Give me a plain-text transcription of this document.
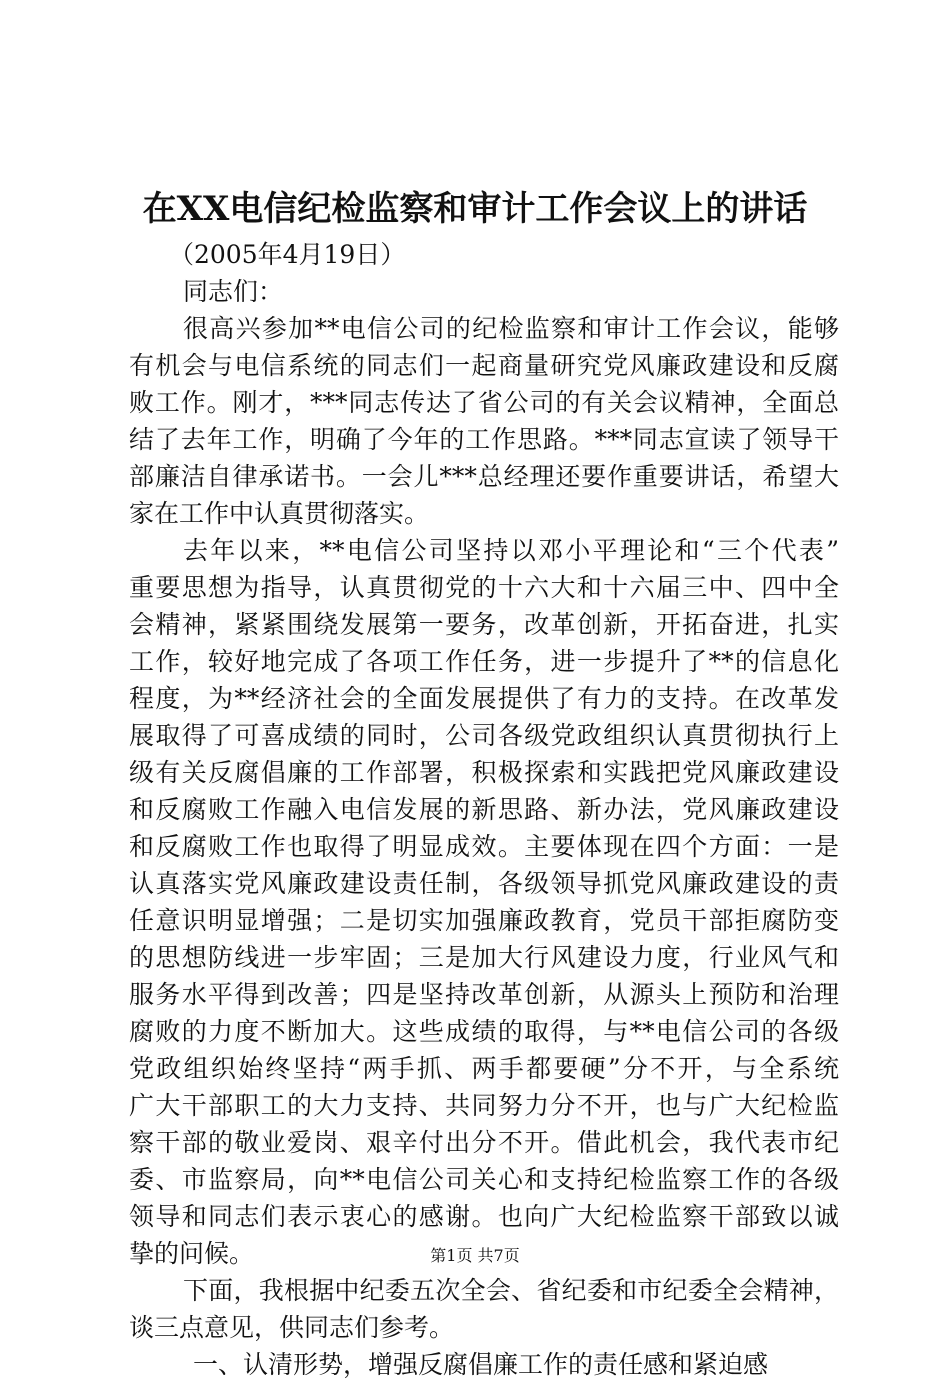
在XX电信纪检监察和审计工作会议上的讲话
（2005年4月19日）
同志们：
很高兴参加**电信公司的纪检监察和审计工作会议，能够
有机会与电信系统的同志们一起商量研究党风廉政建设和反腐
败工作。刚才，***同志传达了省公司的有关会议精神，全面总
结了去年工作，明确了今年的工作思路。***同志宣读了领导干
部廉洁自律承诺书。一会儿***总经理还要作重要讲话，希望大
家在工作中认真贯彻落实。
去年以来，**电信公司坚持以邓小平理论和“三个代表”
重要思想为指导，认真贯彻党的十六大和十六届三中、四中全
会精神，紧紧围绕发展第一要务，改革创新，开拓奋进，扎实
工作，较好地完成了各项工作任务，进一步提升了**的信息化
程度，为**经济社会的全面发展提供了有力的支持。在改革发
展取得了可喜成绩的同时，公司各级党政组织认真贯彻执行上
级有关反腐倡廉的工作部署，积极探索和实践把党风廉政建设
和反腐败工作融入电信发展的新思路、新办法，党风廉政建设
和反腐败工作也取得了明显成效。主要体现在四个方面：一是
认真落实党风廉政建设责任制，各级领导抓党风廉政建设的责
任意识明显增强；二是切实加强廉政教育，党员干部拒腐防变
的思想防线进一步牢固；三是加大行风建设力度，行业风气和
服务水平得到改善；四是坚持改革创新，从源头上预防和治理
腐败的力度不断加大。这些成绩的取得，与**电信公司的各级
党政组织始终坚持“两手抓、两手都要硬”分不开，与全系统
广大干部职工的大力支持、共同努力分不开，也与广大纪检监
察干部的敬业爱岗、艰辛付出分不开。借此机会，我代表市纪
委、市监察局，向**电信公司关心和支持纪检监察工作的各级
领导和同志们表示衷心的感谢。也向广大纪检监察干部致以诚
挚的问候。
下面，我根据中纪委五次全会、省纪委和市纪委全会精神，
谈三点意见，供同志们参考。
一、认清形势，增强反腐倡廉工作的责任感和紧迫感
第1页 共7页
